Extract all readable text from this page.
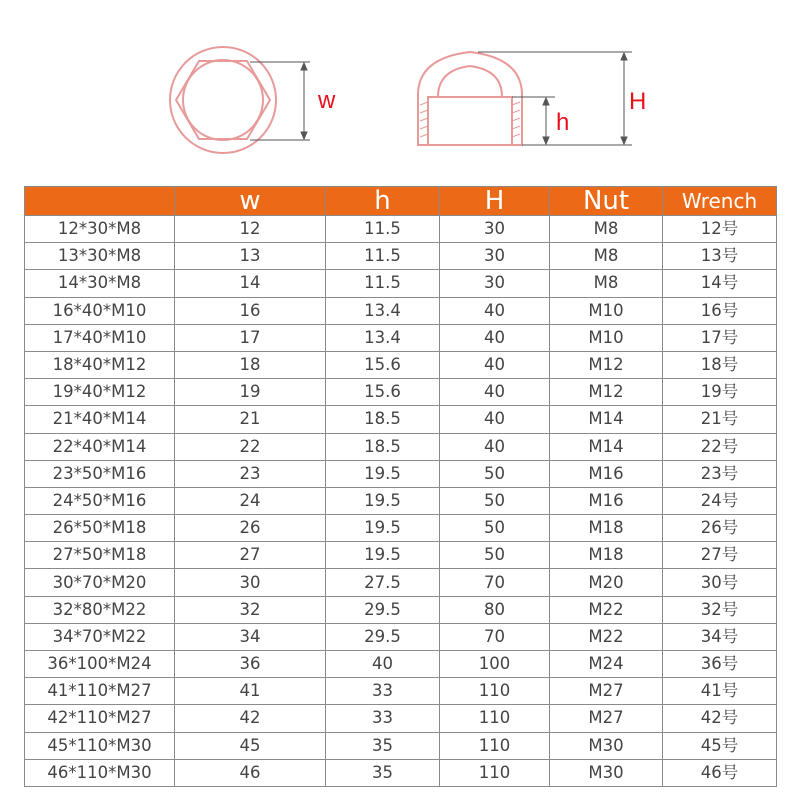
w
h
H
	w	h	H	Nut	Wrench
12*30*M8	12	11.5	30	M8	12号
13*30*M8	13	11.5	30	M8	13号
14*30*M8	14	11.5	30	M8	14号
16*40*M10	16	13.4	40	M10	16号
17*40*M10	17	13.4	40	M10	17号
18*40*M12	18	15.6	40	M12	18号
19*40*M12	19	15.6	40	M12	19号
21*40*M14	21	18.5	40	M14	21号
22*40*M14	22	18.5	40	M14	22号
23*50*M16	23	19.5	50	M16	23号
24*50*M16	24	19.5	50	M16	24号
26*50*M18	26	19.5	50	M18	26号
27*50*M18	27	19.5	50	M18	27号
30*70*M20	30	27.5	70	M20	30号
32*80*M22	32	29.5	80	M22	32号
34*70*M22	34	29.5	70	M22	34号
36*100*M24	36	40	100	M24	36号
41*110*M27	41	33	110	M27	41号
42*110*M27	42	33	110	M27	42号
45*110*M30	45	35	110	M30	45号
46*110*M30	46	35	110	M30	46号
